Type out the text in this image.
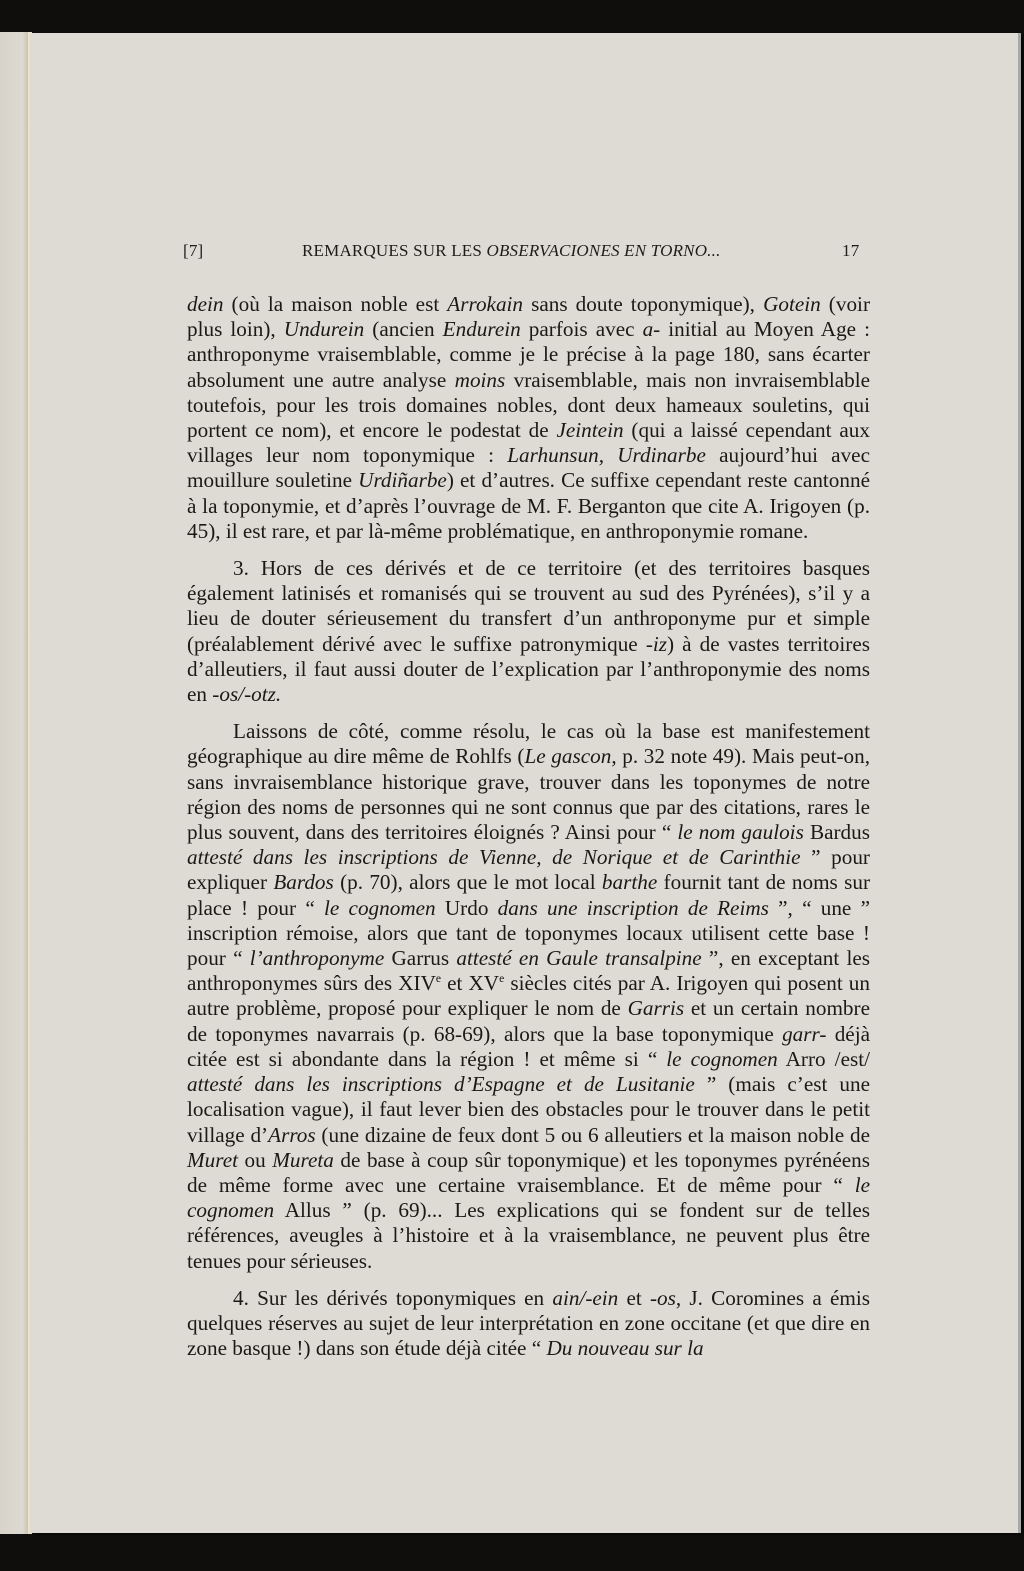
[7]	REMARQUES SUR LES OBSERVACIONES EN TORNO...	17

dein (où la maison noble est Arrokain sans doute toponymique), Gotein (voir plus loin), Undurein (ancien Endurein parfois avec a- initial au Moyen Age : anthroponyme vraisemblable, comme je le précise à la page 180, sans écarter absolument une autre analyse moins vraisemblable, mais non invraisemblable toutefois, pour les trois domaines nobles, dont deux hameaux souletins, qui portent ce nom), et encore le podestat de Jeintein (qui a laissé cependant aux villages leur nom toponymique : Larhunsun, Urdinarbe aujourd’hui avec mouillure souletine Urdiñarbe) et d’autres. Ce suffixe cependant reste cantonné à la toponymie, et d’après l’ouvrage de M. F. Berganton que cite A. Irigoyen (p. 45), il est rare, et par là-même problématique, en anthroponymie romane.

3. Hors de ces dérivés et de ce territoire (et des territoires basques également latinisés et romanisés qui se trouvent au sud des Pyrénées), s’il y a lieu de douter sérieusement du transfert d’un anthroponyme pur et simple (préalablement dérivé avec le suffixe patronymique -iz) à de vastes territoires d’alleutiers, il faut aussi douter de l’explication par l’anthroponymie des noms en -os/-otz.

Laissons de côté, comme résolu, le cas où la base est manifestement géographique au dire même de Rohlfs (Le gascon, p. 32 note 49). Mais peut-on, sans invraisemblance historique grave, trouver dans les toponymes de notre région des noms de personnes qui ne sont connus que par des citations, rares le plus souvent, dans des territoires éloignés ? Ainsi pour “ le nom gaulois Bardus attesté dans les inscriptions de Vienne, de Norique et de Carinthie ” pour expliquer Bardos (p. 70), alors que le mot local barthe fournit tant de noms sur place ! pour “ le cognomen Urdo dans une inscription de Reims ”, “ une ” inscription rémoise, alors que tant de toponymes locaux utilisent cette base ! pour “ l’anthroponyme Garrus attesté en Gaule transalpine ”, en exceptant les anthroponymes sûrs des XIVe et XVe siècles cités par A. Irigoyen qui posent un autre problème, proposé pour expliquer le nom de Garris et un certain nombre de toponymes navarrais (p. 68-69), alors que la base toponymique garr- déjà citée est si abondante dans la région ! et même si “ le cognomen Arro /est/ attesté dans les inscriptions d’Espagne et de Lusitanie ” (mais c’est une localisation vague), il faut lever bien des obstacles pour le trouver dans le petit village d’Arros (une dizaine de feux dont 5 ou 6 alleutiers et la maison noble de Muret ou Mureta de base à coup sûr toponymique) et les toponymes pyrénéens de même forme avec une certaine vraisemblance. Et de même pour “ le cognomen Allus ” (p. 69)... Les explications qui se fondent sur de telles références, aveugles à l’histoire et à la vraisemblance, ne peuvent plus être tenues pour sérieuses.

4. Sur les dérivés toponymiques en ain/-ein et -os, J. Coromines a émis quelques réserves au sujet de leur interprétation en zone occitane (et que dire en zone basque !) dans son étude déjà citée “ Du nouveau sur la
